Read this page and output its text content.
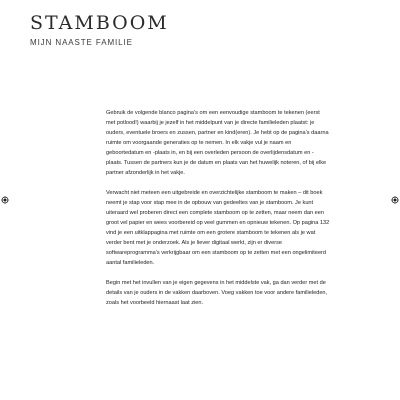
STAMBOOM
MIJN NAASTE FAMILIE

Gebruik de volgende blanco pagina’s om een eenvoudige stamboom te tekenen (eerst met potlood!) waarbij je jezelf in het middelpunt van je directe familieleden plaatst: je ouders, eventuele broers en zussen, partner en kind(eren). Je hebt op de pagina’s daarna ruimte om voorgaande generaties op te nemen. In elk vakje vul je naam en geboortedatum en -plaats in, en bij een overleden persoon de overlijdensdatum en -plaats. Tussen de partners kun je de datum en plaats van het huwelijk noteren, of bij elke partner afzonderlijk in het vakje.

Verwacht niet meteen een uitgebreide en overzichtelijke stamboom te maken – dit boek neemt je stap voor stap mee in de opbouw van gedeeltes van je stamboom. Je kunt uiteraard wel proberen direct een complete stamboom op te zetten, maar neem dan een groot vel papier en wees voorbereid op veel gummen en opnieuw tekenen. Op pagina 132 vind je een uitklappagina met ruimte om een grotere stamboom te tekenen als je wat verder bent met je onderzoek. Als je liever digitaal werkt, zijn er diverse softwareprogramma’s verkrijgbaar om een stamboom op te zetten met een ongelimiteerd aantal familieleden.

Begin met het invullen van je eigen gegevens in het middelste vak, ga dan verder met de details van je ouders in de vakken daarboven. Voeg vakken toe voor andere familieleden, zoals het voorbeeld hiernaast laat zien.
